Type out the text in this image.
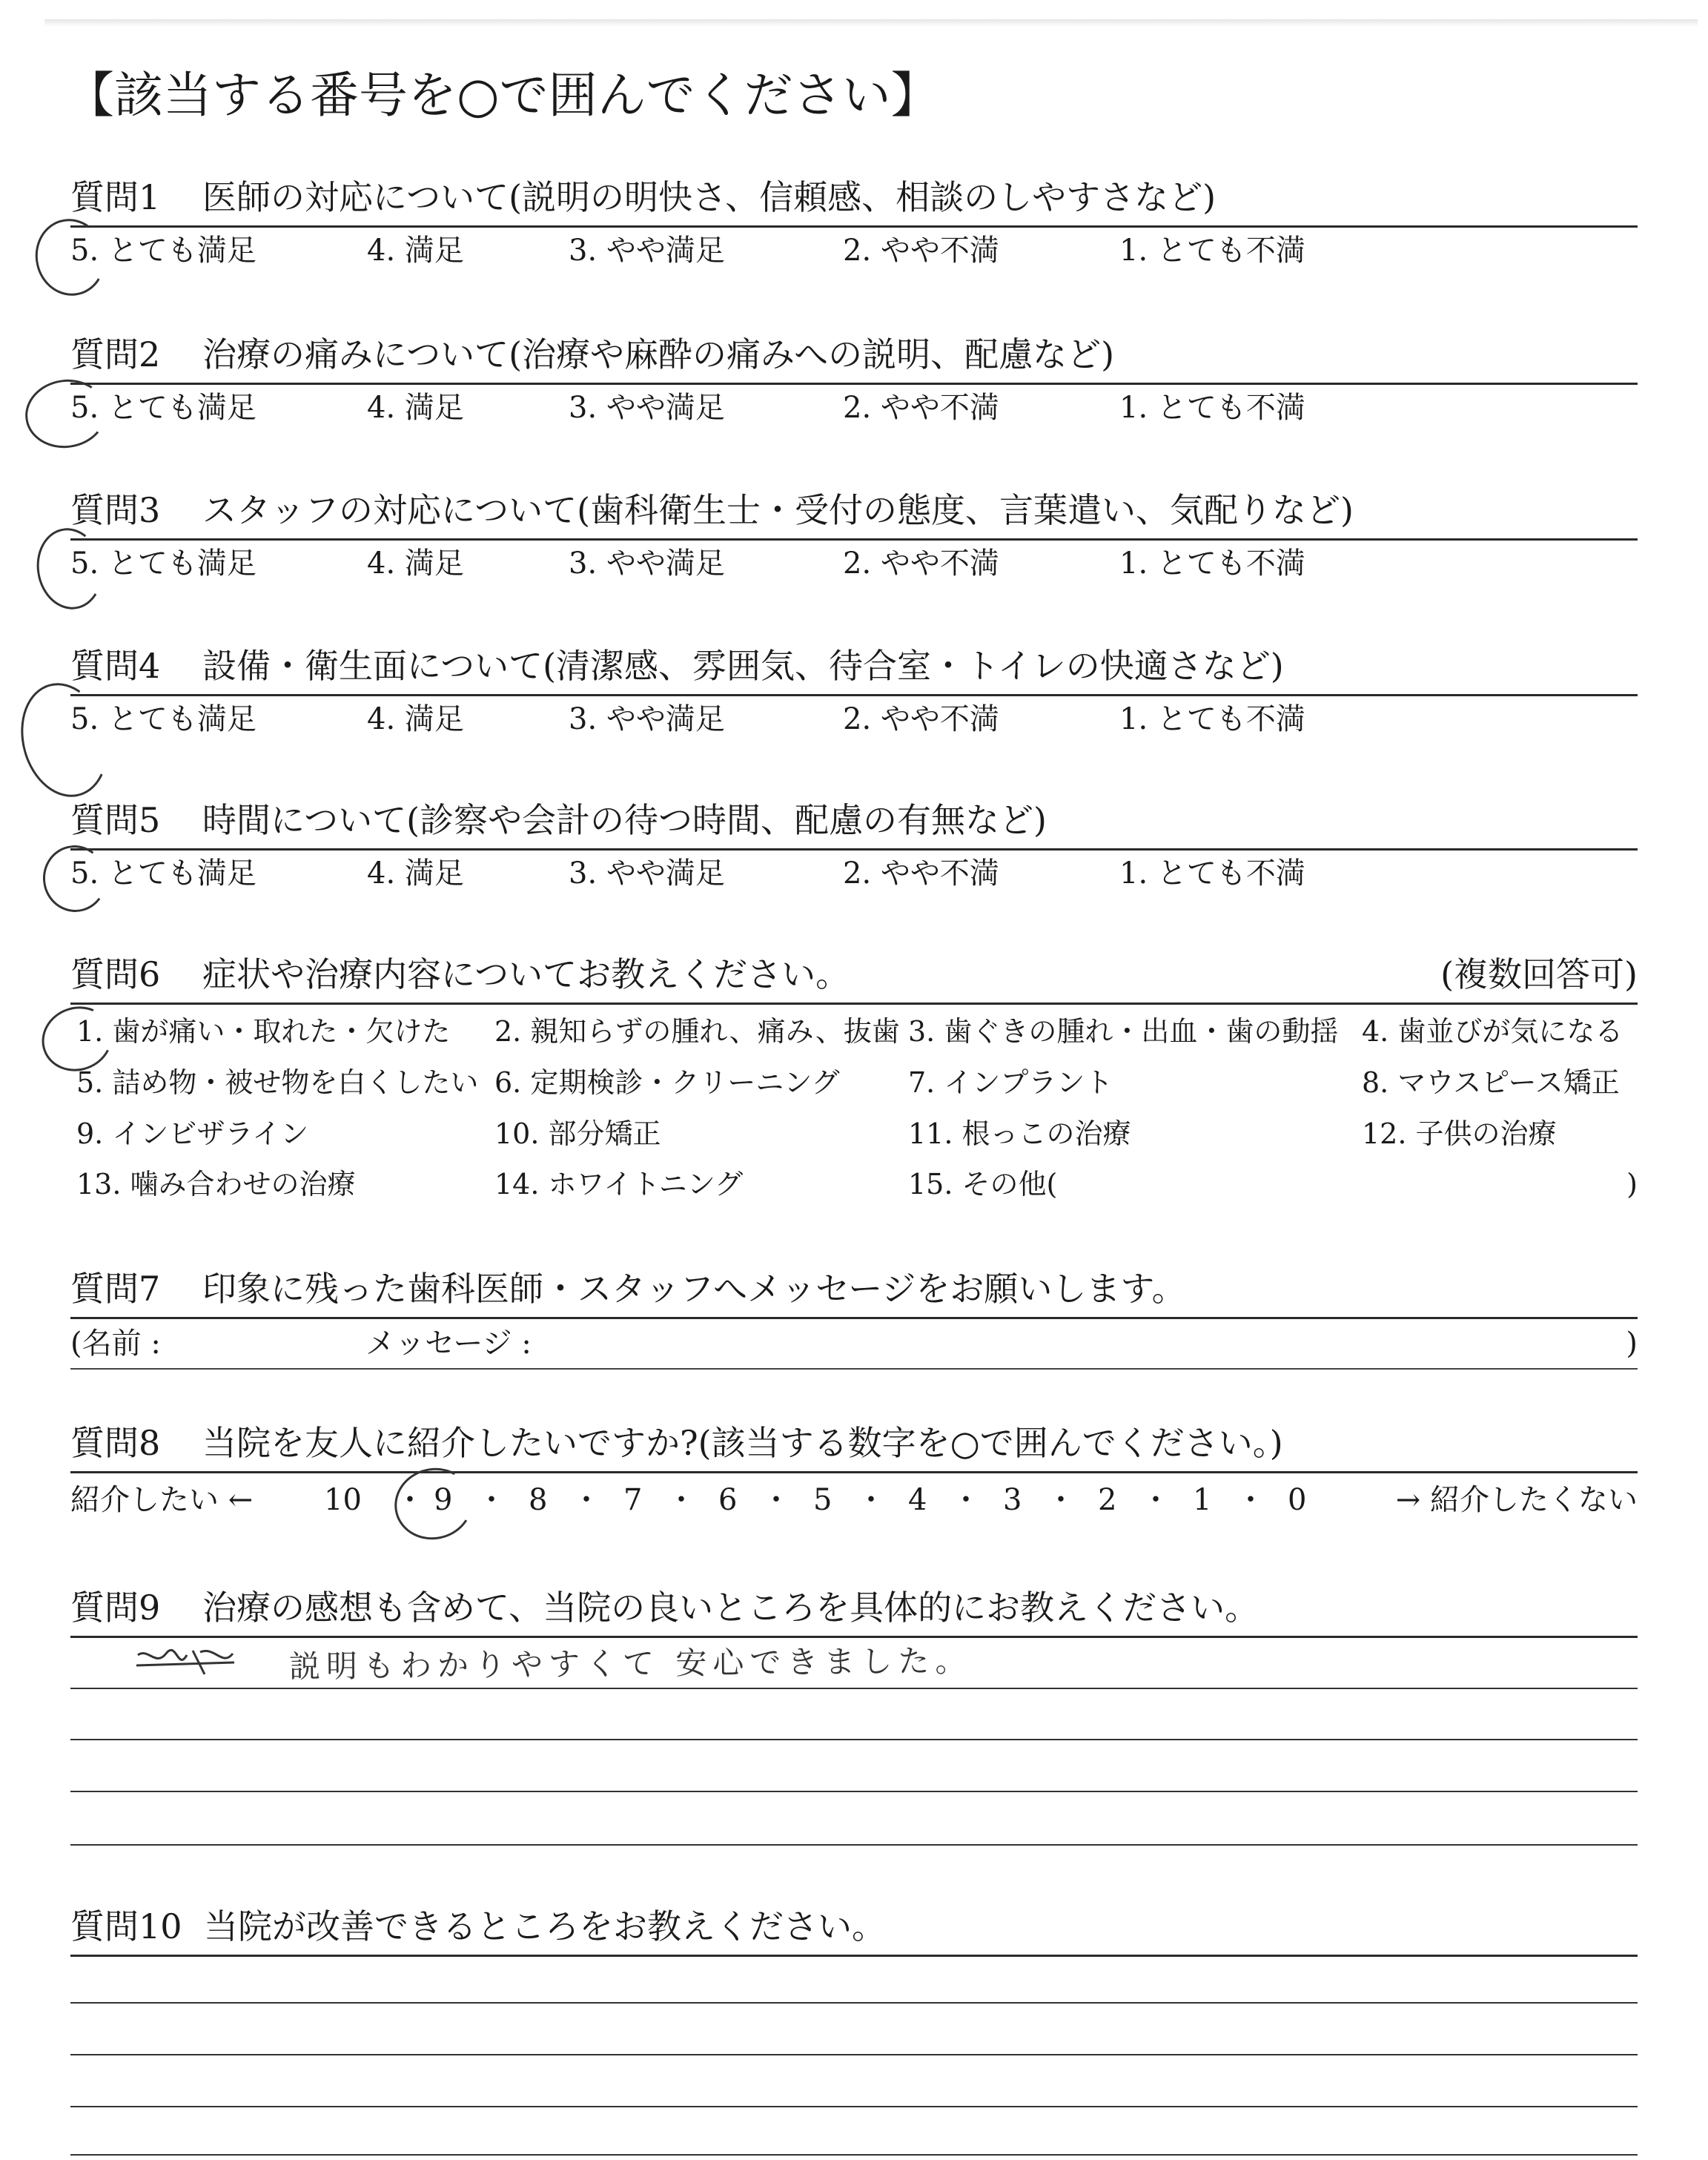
【該当する番号を○で囲んでください】
質問1 医師の対応について(説明の明快さ、信頼感、相談のしやすさなど)
5. とても満足	4. 満足	3. やや満足	2. やや不満	1. とても不満
質問2 治療の痛みについて(治療や麻酔の痛みへの説明、配慮など)
5. とても満足	4. 満足	3. やや満足	2. やや不満	1. とても不満
質問3 スタッフの対応について(歯科衛生士・受付の態度、言葉遣い、気配りなど)
5. とても満足	4. 満足	3. やや満足	2. やや不満	1. とても不満
質問4 設備・衛生面について(清潔感、雰囲気、待合室・トイレの快適さなど)
5. とても満足	4. 満足	3. やや満足	2. やや不満	1. とても不満
質問5 時間について(診察や会計の待つ時間、配慮の有無など)
5. とても満足	4. 満足	3. やや満足	2. やや不満	1. とても不満
質問6 症状や治療内容についてお教えください。	(複数回答可)
1. 歯が痛い・取れた・欠けた 2. 親知らずの腫れ、痛み、抜歯 3. 歯ぐきの腫れ・出血・歯の動揺 4. 歯並びが気になる
5. 詰め物・被せ物を白くしたい 6. 定期検診・クリーニング 7. インプラント	8. マウスピース矯正
9. インビザライン	10. 部分矯正	11. 根っこの治療	12. 子供の治療
13. 噛み合わせの治療	14. ホワイトニング	15. その他(	)
質問7 印象に残った歯科医師・スタッフへメッセージをお願いします。
(名前 :	メッセージ :	)
質問8 当院を友人に紹介したいですか?(該当する数字を○で囲んでください。)
紹介したい ← 10 ・ 9 ・ 8 ・ 7 ・ 6 ・ 5 ・ 4 ・ 3 ・ 2 ・ 1 ・ 0	→ 紹介したくない
質問9 治療の感想も含めて、当院の良いところを具体的にお教えください。
説明もわかりやすくて 安心できました。
質問10 当院が改善できるところをお教えください。
